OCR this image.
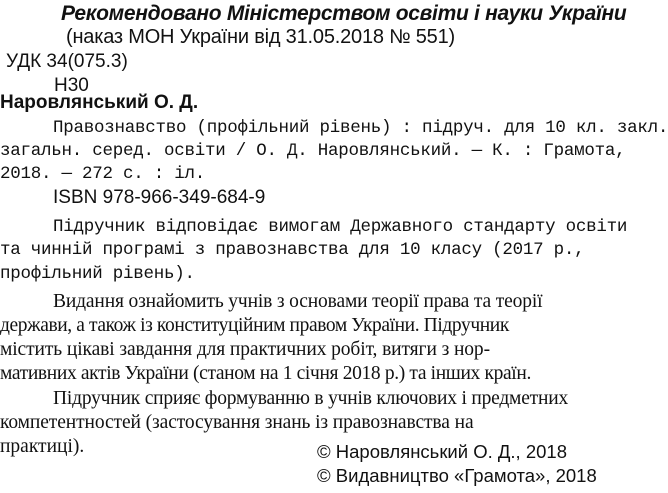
Рекомендовано Міністерством освіти і науки України
(наказ МОН України від 31.05.2018 № 551)
УДК 34(075.3)
Н30
Наровлянський О. Д.
Правознавство (профільний рівень) : підруч. для 10 кл. закл.
загальн. серед. освіти / О. Д. Наровлянський. — К. : Грамота,
2018. — 272 с. : іл.
ISBN 978-966-349-684-9
Підручник відповідає вимогам Державного стандарту освіти
та чинній програмі з правознавства для 10 класу (2017 р.,
профільний рівень).
Видання ознайомить учнів з основами теорії права та теорії
держави, а також із конституційним правом України. Підручник
містить цікаві завдання для практичних робіт, витяги з нор-
мативних актів України (станом на 1 січня 2018 р.) та інших країн.
Підручник сприяє формуванню в учнів ключових і предметних
компетентностей (застосування знань із правознавства на
практиці).	© Наровлянський О. Д., 2018
© Видавництво «Грамота», 2018
